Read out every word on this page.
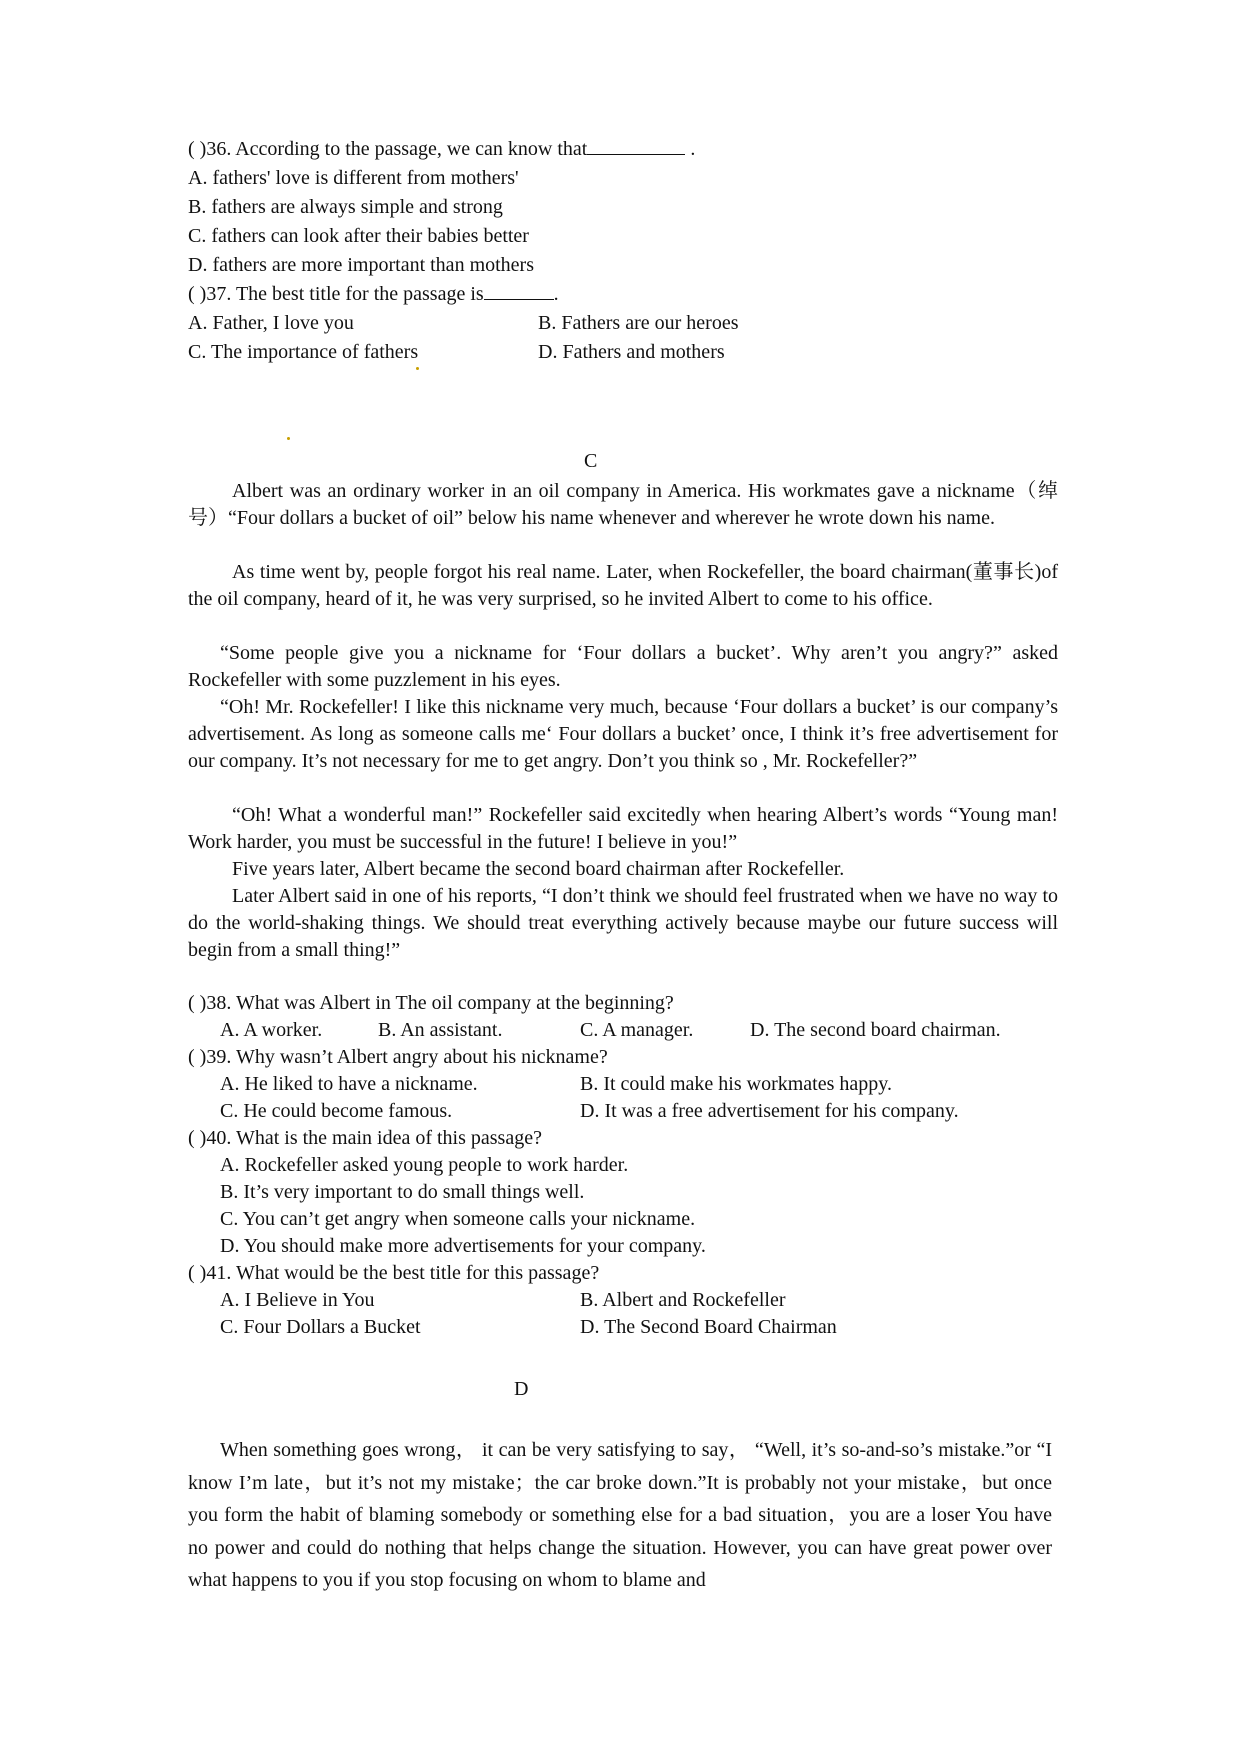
( )36. According to the passage, we can know that	.
A. fathers' love is different from mothers'
B. fathers are always simple and strong
C. fathers can look after their babies better
D. fathers are more important than mothers
( )37. The best title for the passage is	.
A. Father, I love you	B. Fathers are our heroes
C. The importance of fathers	D. Fathers and mothers
C
Albert was an ordinary worker in an oil company in America. His workmates gave a nickname（绰号）“Four dollars a bucket of oil” below his name whenever and wherever he wrote down his name.
As time went by, people forgot his real name. Later, when Rockefeller, the board chairman(董事长)of the oil company, heard of it, he was very surprised, so he invited Albert to come to his office.
“Some people give you a nickname for ‘Four dollars a bucket’. Why aren’t you angry?” asked Rockefeller with some puzzlement in his eyes.
“Oh! Mr. Rockefeller! I like this nickname very much, because ‘Four dollars a bucket’ is our company’s advertisement. As long as someone calls me‘ Four dollars a bucket’ once, I think it’s free advertisement for our company. It’s not necessary for me to get angry. Don’t you think so , Mr. Rockefeller?”
“Oh! What a wonderful man!” Rockefeller said excitedly when hearing Albert’s words “Young man! Work harder, you must be successful in the future! I believe in you!”
Five years later, Albert became the second board chairman after Rockefeller.
Later Albert said in one of his reports, “I don’t think we should feel frustrated when we have no way to do the world-shaking things. We should treat everything actively because maybe our future success will begin from a small thing!”
( )38. What was Albert in The oil company at the beginning?
A. A worker.	B. An assistant.	C. A manager.	D. The second board chairman.
( )39. Why wasn’t Albert angry about his nickname?
A. He liked to have a nickname.	B. It could make his workmates happy.
C. He could become famous.	D. It was a free advertisement for his company.
( )40. What is the main idea of this passage?
A. Rockefeller asked young people to work harder.
B. It’s very important to do small things well.
C. You can’t get angry when someone calls your nickname.
D. You should make more advertisements for your company.
( )41. What would be the best title for this passage?
A. I Believe in You	B. Albert and Rockefeller
C. Four Dollars a Bucket	D. The Second Board Chairman
D
When something goes wrong， it can be very satisfying to say， “Well, it’s so-and-so’s mistake.”or “I know I’m late，but it’s not my mistake；the car broke down.”It is probably not your mistake，but once you form the habit of blaming somebody or something else for a bad situation，you are a loser You have no power and could do nothing that helps change the situation. However, you can have great power over what happens to you if you stop focusing on whom to blame and
